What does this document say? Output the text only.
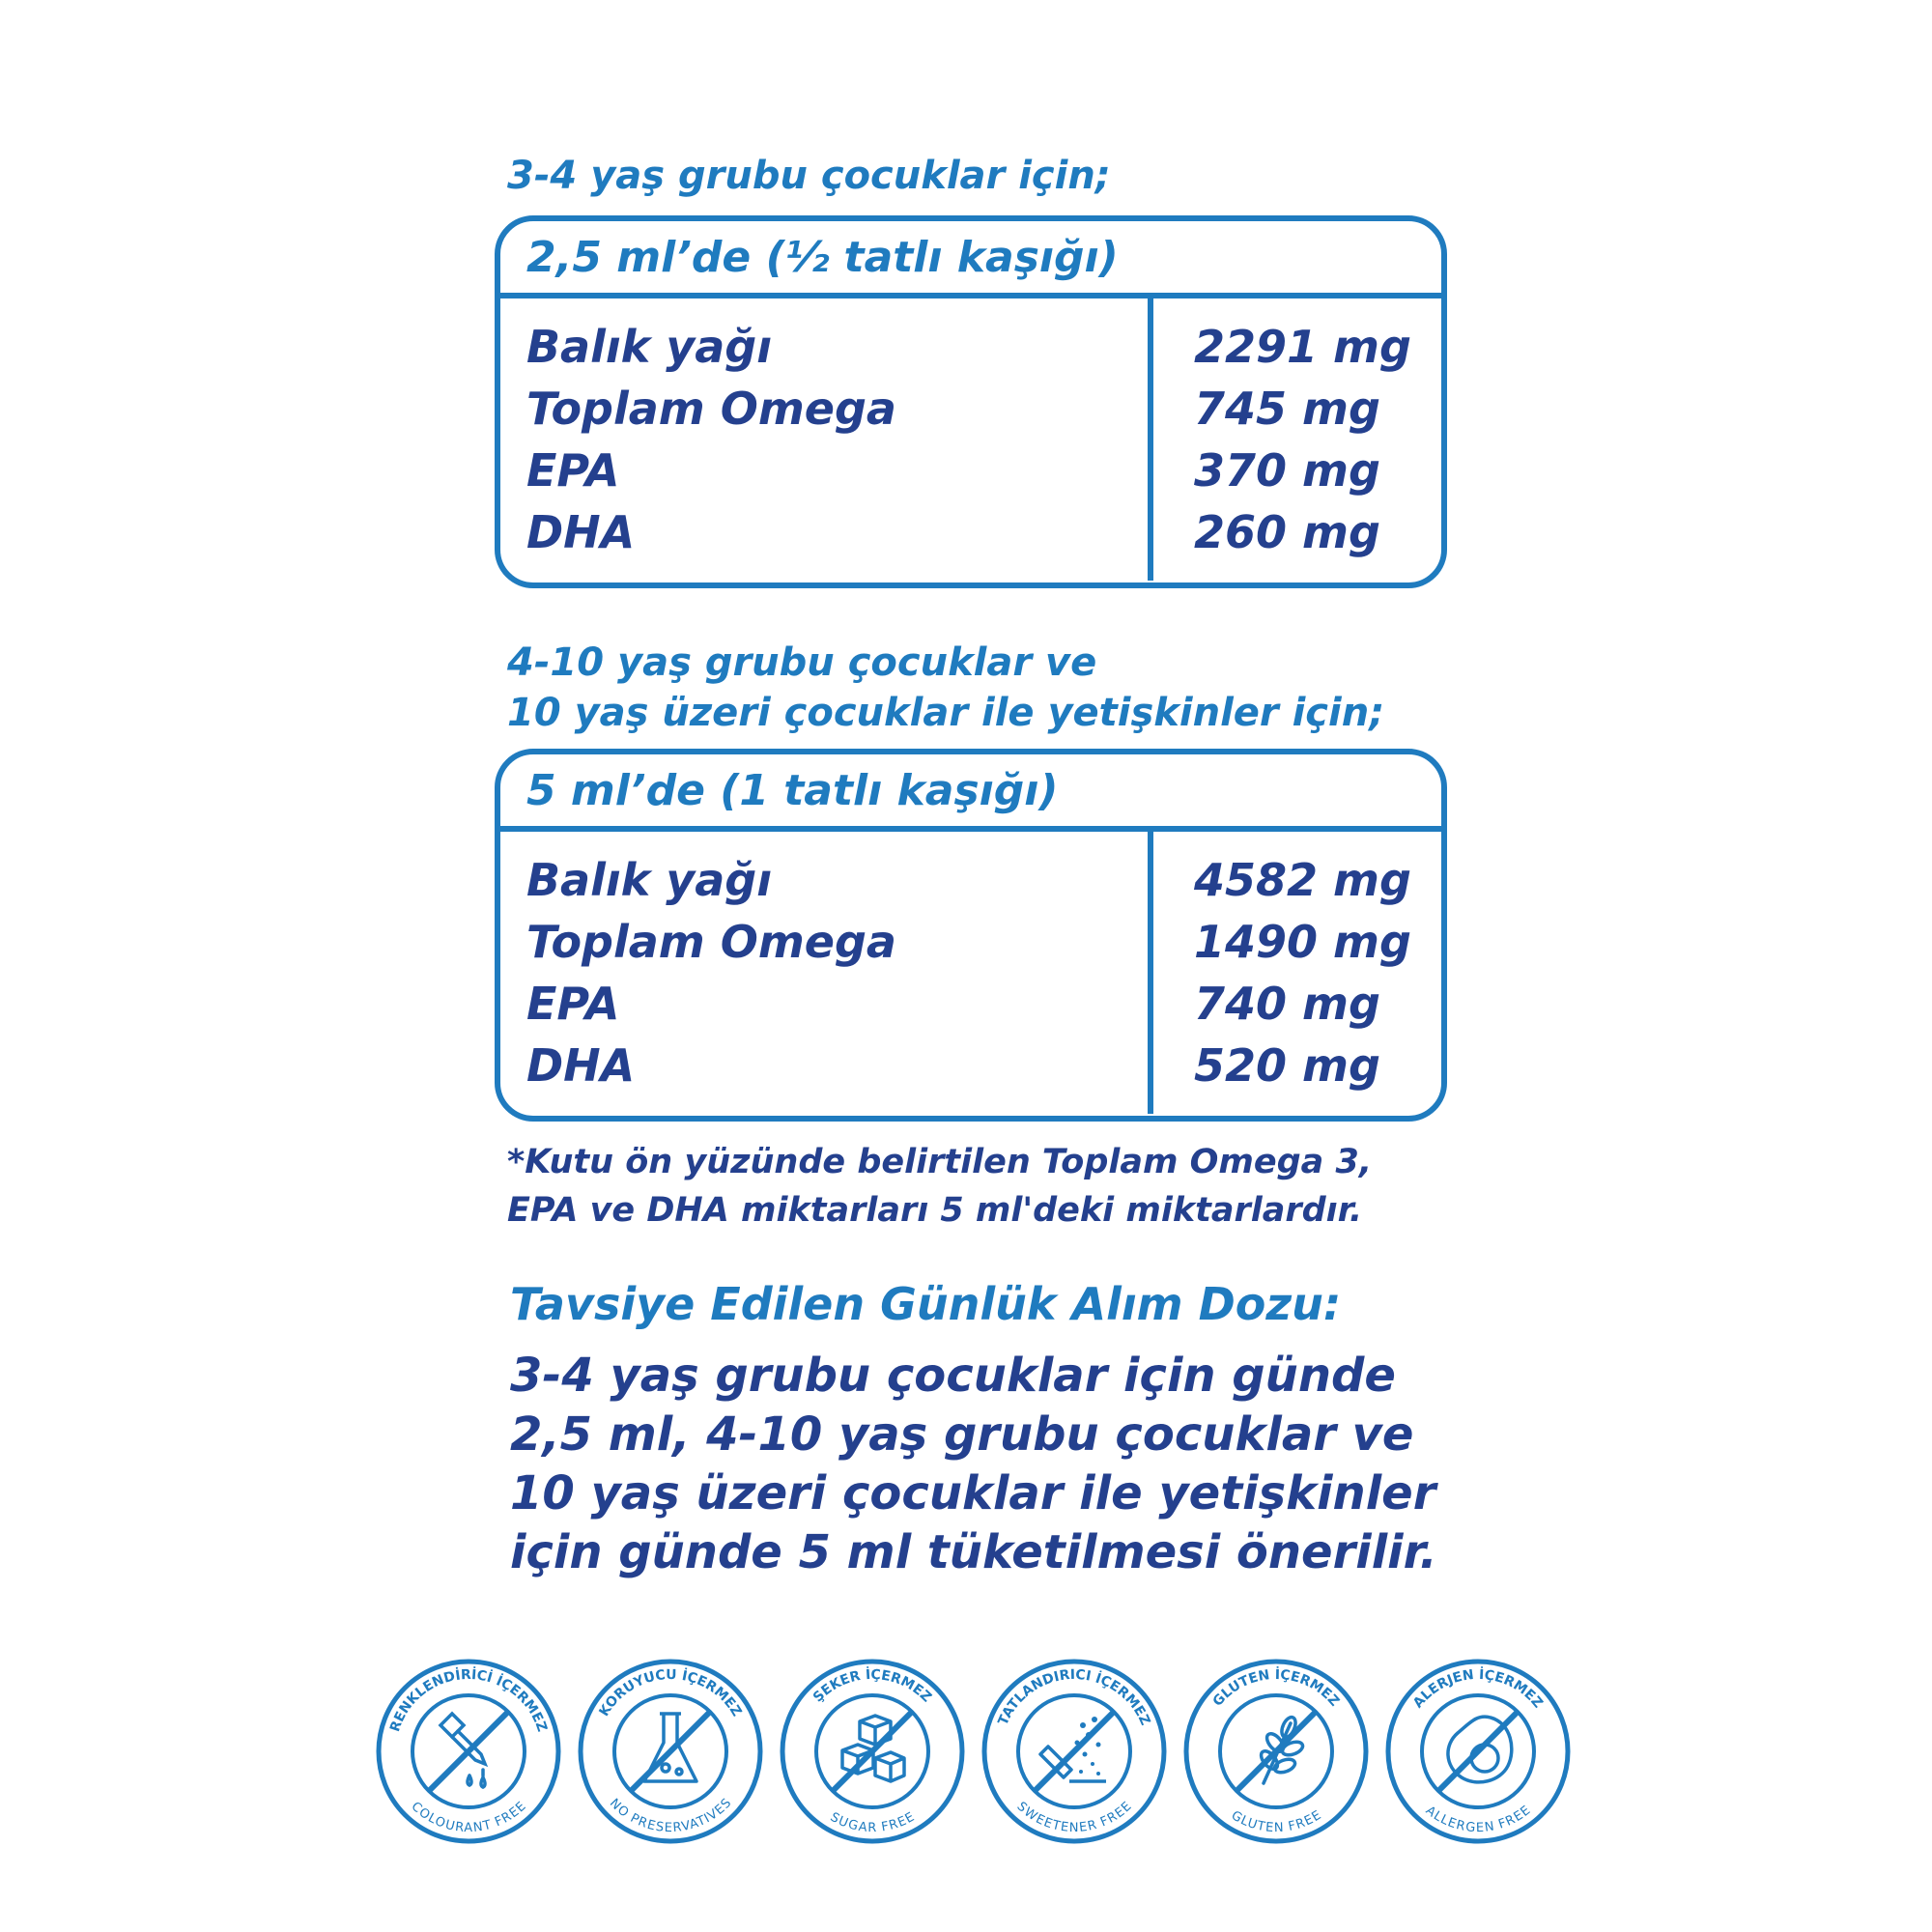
3-4 yaş grubu çocuklar için;

2,5 ml’de (½ tatlı kaşığı)
Balık yağı
Toplam Omega
EPA
DHA
2291 mg
745 mg
370 mg
260 mg

4-10 yaş grubu çocuklar ve

10 yaş üzeri çocuklar ile yetişkinler için;

5 ml’de (1 tatlı kaşığı)
Balık yağı
Toplam Omega
EPA
DHA
4582 mg
1490 mg
740 mg
520 mg
*Kutu ön yüzünde belirtilen Toplam Omega 3,
EPA ve DHA miktarları 5 ml'deki miktarlardır.

Tavsiye Edilen Günlük Alım Dozu:

3-4 yaş grubu çocuklar için günde
2,5 ml, 4-10 yaş grubu çocuklar ve
10 yaş üzeri çocuklar ile yetişkinler
için günde 5 ml tüketilmesi önerilir.
RENKLENDİRİCİ İÇERMEZ
COLOURANT FREE
KORUYUCU İÇERMEZ
NO PRESERVATIVES
ŞEKER İÇERMEZ
SUGAR FREE
TATLANDIRICI İÇERMEZ
SWEETENER FREE
GLUTEN İÇERMEZ
GLUTEN FREE
ALERJEN İÇERMEZ
ALLERGEN FREE
